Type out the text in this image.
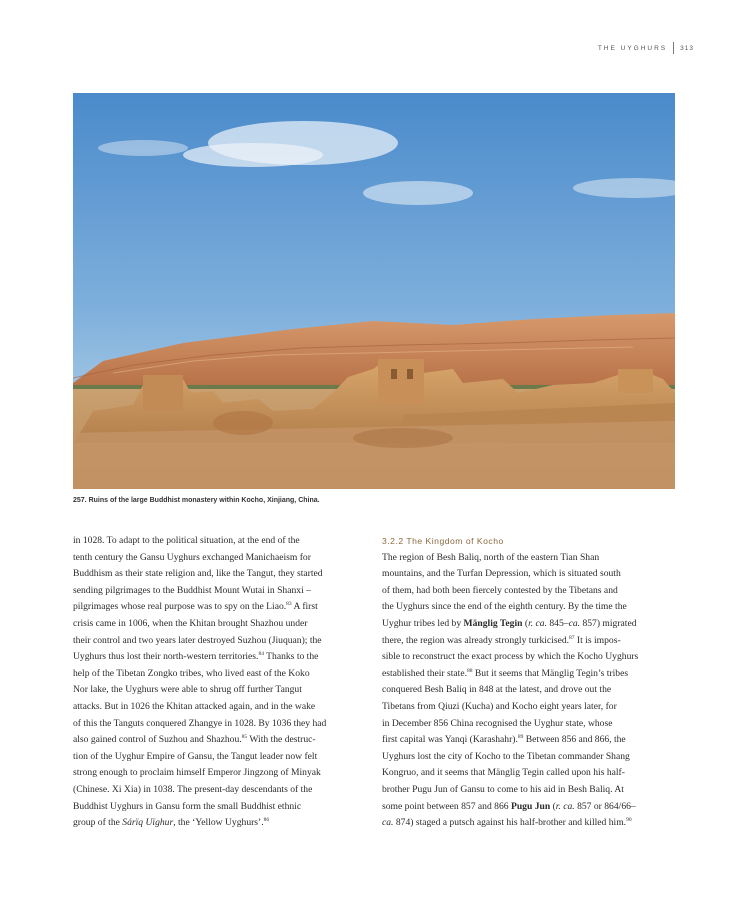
THE UYGHURS 313
257. Ruins of the large Buddhist monastery within Kocho, Xinjiang, China.
in 1028. To adapt to the political situation, at the end of the
tenth century the Gansu Uyghurs exchanged Manichaeism for
Buddhism as their state religion and, like the Tangut, they started
sending pilgrimages to the Buddhist Mount Wutai in Shanxi –
pilgrimages whose real purpose was to spy on the Liao.$^{83}$ A first
crisis came in 1006, when the Khitan brought Shazhou under
their control and two years later destroyed Suzhou (Jiuquan); the
Uyghurs thus lost their north-western territories.$^{84}$ Thanks to the
help of the Tibetan Zongko tribes, who lived east of the Koko
Nor lake, the Uyghurs were able to shrug off further Tangut
attacks. But in 1026 the Khitan attacked again, and in the wake
of this the Tanguts conquered Zhangye in 1028. By 1036 they had
also gained control of Suzhou and Shazhou.$^{85}$ With the destruc-
tion of the Uyghur Empire of Gansu, the Tangut leader now felt
strong enough to proclaim himself Emperor Jingzong of Minyak
(Chinese. Xi Xia) in 1038. The present-day descendants of the
Buddhist Uyghurs in Gansu form the small Buddhist ethnic
group of the Sárïq Uïghur, the ‘Yellow Uyghurs’.$^{86}$
3.2.2 The Kingdom of Kocho
The region of Besh Baliq, north of the eastern Tian Shan
mountains, and the Turfan Depression, which is situated south
of them, had both been fiercely contested by the Tibetans and
the Uyghurs since the end of the eighth century. By the time the
Uyghur tribes led by Mänglig Tegin (r. ca. 845–ca. 857) migrated
there, the region was already strongly turkicised.$^{87}$ It is impos-
sible to reconstruct the exact process by which the Kocho Uyghurs
established their state.$^{88}$ But it seems that Mänglig Tegin’s tribes
conquered Besh Baliq in 848 at the latest, and drove out the
Tibetans from Qiuzi (Kucha) and Kocho eight years later, for
in December 856 China recognised the Uyghur state, whose
first capital was Yanqi (Karashahr).$^{89}$ Between 856 and 866, the
Uyghurs lost the city of Kocho to the Tibetan commander Shang
Kongruo, and it seems that Mänglig Tegin called upon his half-
brother Pugu Jun of Gansu to come to his aid in Besh Baliq. At
some point between 857 and 866 Pugu Jun (r. ca. 857 or 864/66–
ca. 874) staged a putsch against his half-brother and killed him.$^{90}$
